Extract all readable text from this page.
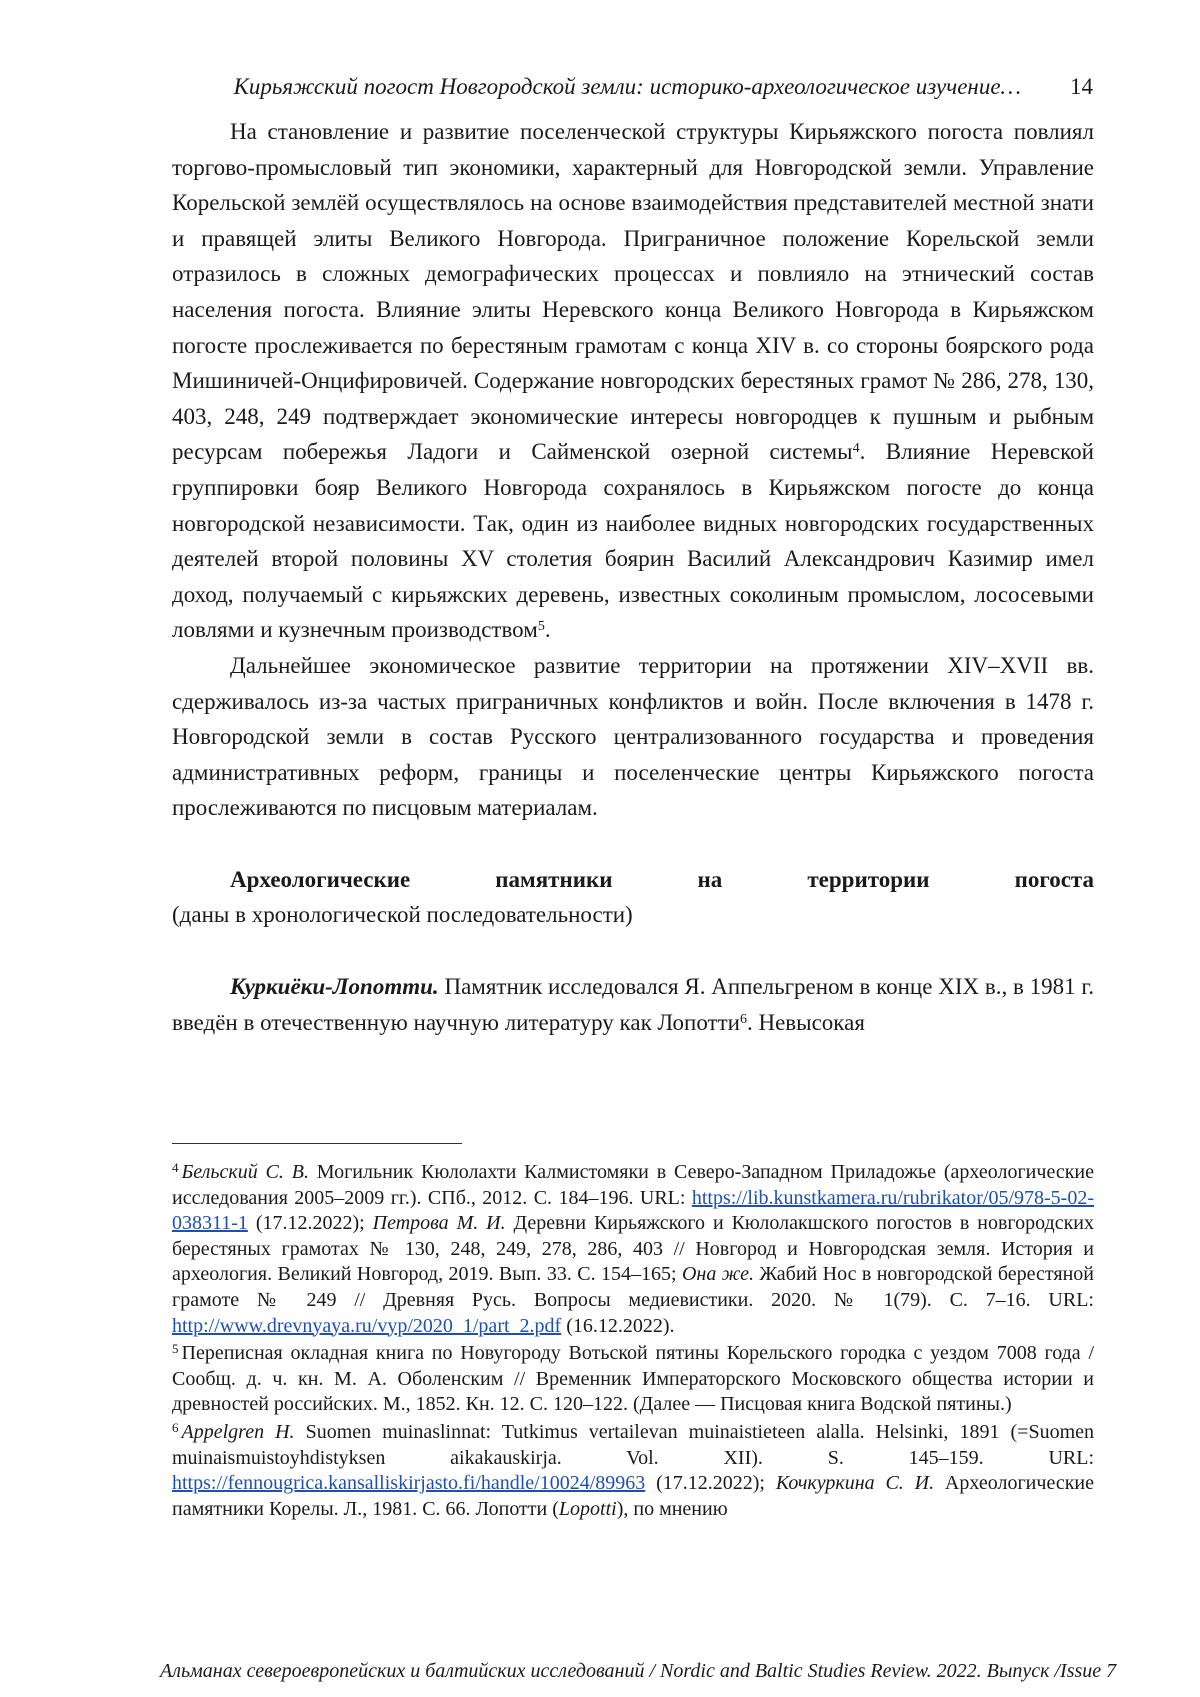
Кирьяжский погост Новгородской земли: историко-археологическое изучение… 14

На становление и развитие поселенческой структуры Кирьяжского погоста повлиял торгово-промысловый тип экономики, характерный для Новгородской земли. Управление Корельской землёй осуществлялось на основе взаимодействия представителей местной знати и правящей элиты Великого Новгорода. Приграничное положение Корельской земли отразилось в сложных демографических процессах и повлияло на этнический состав населения погоста. Влияние элиты Неревского конца Великого Новгорода в Кирьяжском погосте прослеживается по берестяным грамотам с конца XIV в. со стороны боярского рода Мишиничей-Онцифировичей. Содержание новгородских берестяных грамот № 286, 278, 130, 403, 248, 249 подтверждает экономические интересы новгородцев к пушным и рыбным ресурсам побережья Ладоги и Сайменской озерной системы4. Влияние Неревской группировки бояр Великого Новгорода сохранялось в Кирьяжском погосте до конца новгородской независимости. Так, один из наиболее видных новгородских государственных деятелей второй половины XV столетия боярин Василий Александрович Казимир имел доход, получаемый с кирьяжских деревень, известных соколиным промыслом, лососевыми ловлями и кузнечным производством5.

Дальнейшее экономическое развитие территории на протяжении XIV–XVII вв. сдерживалось из-за частых приграничных конфликтов и войн. После включения в 1478 г. Новгородской земли в состав Русского централизованного государства и проведения административных реформ, границы и поселенческие центры Кирьяжского погоста прослеживаются по писцовым материалам.

Археологические памятники на территории погоста

(даны в хронологической последовательности)

Куркиёки-Лопотти. Памятник исследовался Я. Аппельгреном в конце XIX в., в 1981 г. введён в отечественную научную литературу как Лопотти6. Невысокая

4 Бельский С. В. Могильник Кюлолахти Калмистомяки в Северо-Западном Приладожье (археологические исследования 2005–2009 гг.). СПб., 2012. С. 184–196. URL: https://lib.kunstkamera.ru/rubrikator/05/978-5-02-038311-1 (17.12.2022); Петрова М. И. Деревни Кирьяжского и Кюлолакшского погостов в новгородских берестяных грамотах № 130, 248, 249, 278, 286, 403 // Новгород и Новгородская земля. История и археология. Великий Новгород, 2019. Вып. 33. С. 154–165; Она же. Жабий Нос в новгородской берестяной грамоте № 249 // Древняя Русь. Вопросы медиевистики. 2020. № 1(79). С. 7–16. URL: http://www.drevnyaya.ru/vyp/2020_1/part_2.pdf (16.12.2022).

5 Переписная окладная книга по Новугороду Вотьской пятины Корельского городка с уездом 7008 года / Сообщ. д. ч. кн. М. А. Оболенским // Временник Императорского Московского общества истории и древностей российских. М., 1852. Кн. 12. С. 120–122. (Далее — Писцовая книга Водской пятины.)

6 Appelgren H. Suomen muinaslinnat: Tutkimus vertailevan muinaistieteen alalla. Helsinki, 1891 (=Suomen muinaismuistoyhdistyksen aikakauskirja. Vol. XII). S. 145–159. URL: https://fennougrica.kansalliskirjasto.fi/handle/10024/89963 (17.12.2022); Кочкуркина С. И. Археологические памятники Корелы. Л., 1981. С. 66. Лопотти (Lopotti), по мнению

Альманах североевропейских и балтийских исследований / Nordic and Baltic Studies Review. 2022. Выпуск /Issue 7
